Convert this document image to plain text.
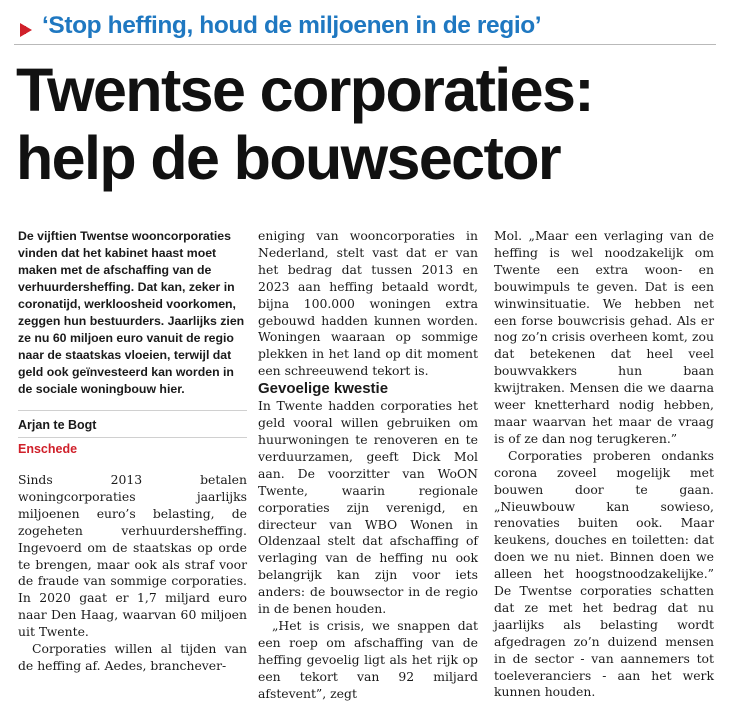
‘Stop heffing, houd de miljoenen in de regio’
Twentse corporaties:
help de bouwsector

De vijftien Twentse wooncorporaties vinden dat het kabinet haast moet maken met de afschaffing van de verhuurdersheffing. Dat kan, zeker in coronatijd, werkloosheid voorkomen, zeggen hun bestuurders. Jaarlijks zien ze nu 60 miljoen euro vanuit de regio naar de staatskas vloeien, terwijl dat geld ook geïnvesteerd kan worden in de sociale woningbouw hier.

Arjan te Bogt
Enschede

Sinds 2013 betalen woningcorporaties jaarlijks miljoenen euro’s belasting, de zogeheten verhuurdersheffing. Ingevoerd om de staatskas op orde te brengen, maar ook als straf voor de fraude van sommige corporaties. In 2020 gaat er 1,7 miljard euro naar Den Haag, waarvan 60 miljoen uit Twente.

Corporaties willen al tijden van de heffing af. Aedes, branchever-

eniging van wooncorporaties in Nederland, stelt vast dat er van het bedrag dat tussen 2013 en 2023 aan heffing betaald wordt, bijna 100.000 woningen extra gebouwd hadden kunnen worden. Woningen waaraan op sommige plekken in het land op dit moment een schreeuwend tekort is.

Gevoelige kwestie

In Twente hadden corporaties het geld vooral willen gebruiken om huurwoningen te renoveren en te verduurzamen, geeft Dick Mol aan. De voorzitter van WoON Twente, waarin regionale corporaties zijn verenigd, en directeur van WBO Wonen in Oldenzaal stelt dat afschaffing of verlaging van de heffing nu ook belangrijk kan zijn voor iets anders: de bouwsector in de regio in de benen houden.

„Het is crisis, we snappen dat een roep om afschaffing van de heffing gevoelig ligt als het rijk op een tekort van 92 miljard afstevent”, zegt

Mol. „Maar een verlaging van de heffing is wel noodzakelijk om Twente een extra woon- en bouwimpuls te geven. Dat is een winwinsituatie. We hebben net een forse bouwcrisis gehad. Als er nog zo’n crisis overheen komt, zou dat betekenen dat heel veel bouwvakkers hun baan kwijtraken. Mensen die we daarna weer knetterhard nodig hebben, maar waarvan het maar de vraag is of ze dan nog terugkeren.”

Corporaties proberen ondanks corona zoveel mogelijk met bouwen door te gaan. „Nieuwbouw kan sowieso, renovaties buiten ook. Maar keukens, douches en toiletten: dat doen we nu niet. Binnen doen we alleen het hoogstnoodzakelijke.” De Twentse corporaties schatten dat ze met het bedrag dat nu jaarlijks als belasting wordt afgedragen zo’n duizend mensen in de sector - van aannemers tot toeleveranciers - aan het werk kunnen houden.
